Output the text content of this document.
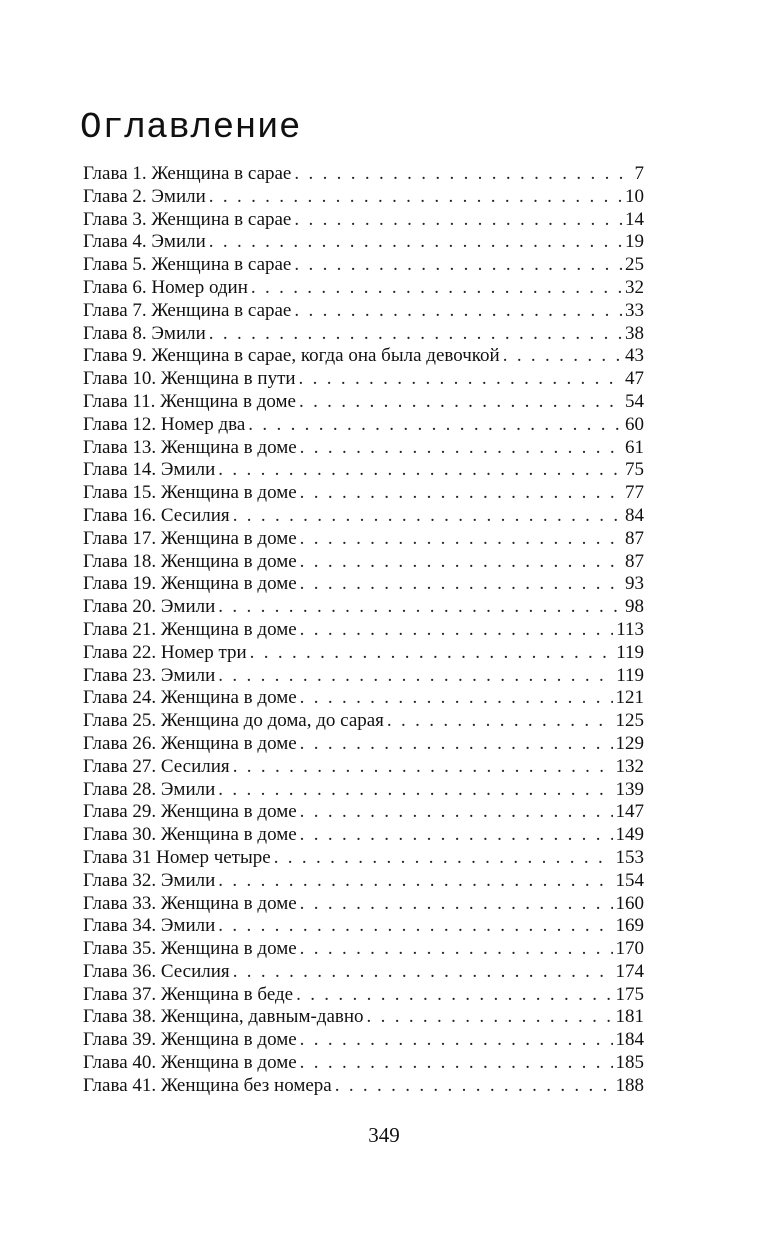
Оглавление
Глава 1. Женщина в сарае . . .	7
Глава 2. Эмили . . .	10
Глава 3. Женщина в сарае . . .	14
Глава 4. Эмили . . .	19
Глава 5. Женщина в сарае . . .	25
Глава 6. Номер один . . .	32
Глава 7. Женщина в сарае . . .	33
Глава 8. Эмили . . .	38
Глава 9. Женщина в сарае, когда она была девочкой . . .	43
Глава 10. Женщина в пути . . .	47
Глава 11. Женщина в доме . . .	54
Глава 12. Номер два . . .	60
Глава 13. Женщина в доме . . .	61
Глава 14. Эмили . . .	75
Глава 15. Женщина в доме . . .	77
Глава 16. Сесилия . . .	84
Глава 17. Женщина в доме . . .	87
Глава 18. Женщина в доме . . .	87
Глава 19. Женщина в доме . . .	93
Глава 20. Эмили . . .	98
Глава 21. Женщина в доме . . .	113
Глава 22. Номер три . . .	119
Глава 23. Эмили . . .	119
Глава 24. Женщина в доме . . .	121
Глава 25. Женщина до дома, до сарая . . .	125
Глава 26. Женщина в доме . . .	129
Глава 27. Сесилия . . .	132
Глава 28. Эмили . . .	139
Глава 29. Женщина в доме . . .	147
Глава 30. Женщина в доме . . .	149
Глава 31 Номер четыре . . .	153
Глава 32. Эмили . . .	154
Глава 33. Женщина в доме . . .	160
Глава 34. Эмили . . .	169
Глава 35. Женщина в доме . . .	170
Глава 36. Сесилия . . .	174
Глава 37. Женщина в беде . . .	175
Глава 38. Женщина, давным-давно . . .	181
Глава 39. Женщина в доме . . .	184
Глава 40. Женщина в доме . . .	185
Глава 41. Женщина без номера . . .	188
349
